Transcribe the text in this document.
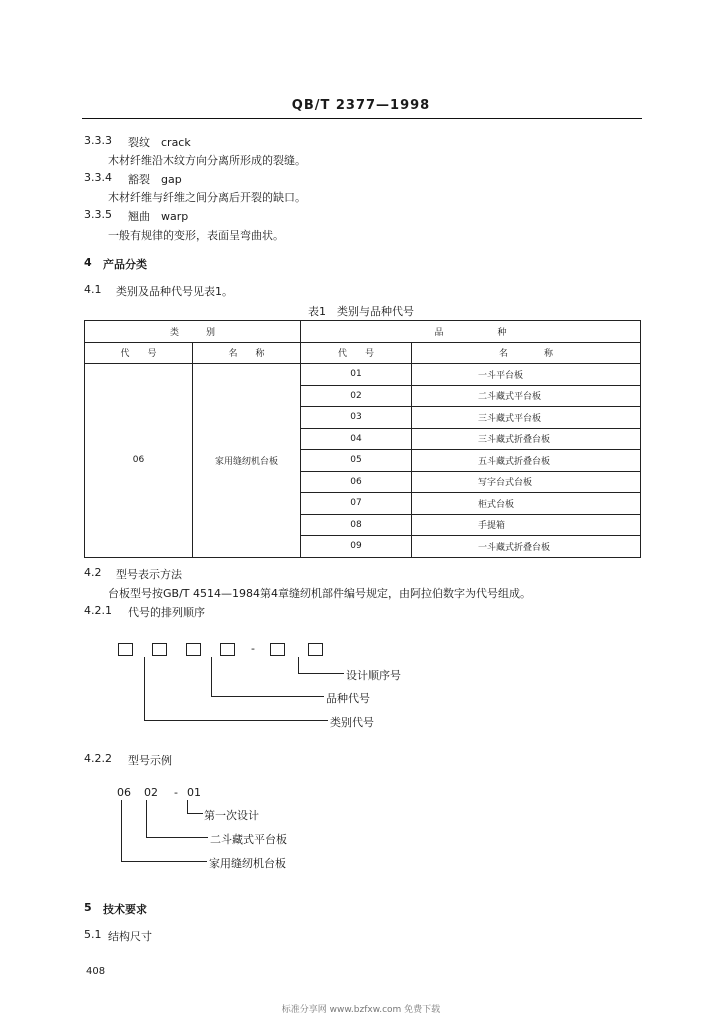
QB/T 2377—1998
3.3.3 裂纹　crack
木材纤维沿木纹方向分离所形成的裂缝。
3.3.4 豁裂　gap
木材纤维与纤维之间分离后开裂的缺口。
3.3.5 翘曲　warp
一般有规律的变形，表面呈弯曲状。
4 产品分类
4.1 类别及品种代号见表1。
表1　类别与品种代号
类　　　别		品　　　　　　种	
代　　号	名　　称	代　　号	名　　　　称
06	家用缝纫机台板	01	一斗平台板
		02	二斗藏式平台板
		03	三斗藏式平台板
		04	三斗藏式折叠台板
		05	五斗藏式折叠台板
		06	写字台式台板
		07	柜式台板
		08	手提箱
		09	一斗藏式折叠台板
4.2 型号表示方法
台板型号按GB/T 4514—1984第4章缝纫机部件编号规定，由阿拉伯数字为代号组成。
4.2.1 代号的排列顺序
-
设计顺序号
品种代号
类别代号
4.2.2 型号示例
06 02 - 01
第一次设计
二斗藏式平台板
家用缝纫机台板
5 技术要求
5.1 结构尺寸
408
标准分享网 www.bzfxw.com 免费下载
